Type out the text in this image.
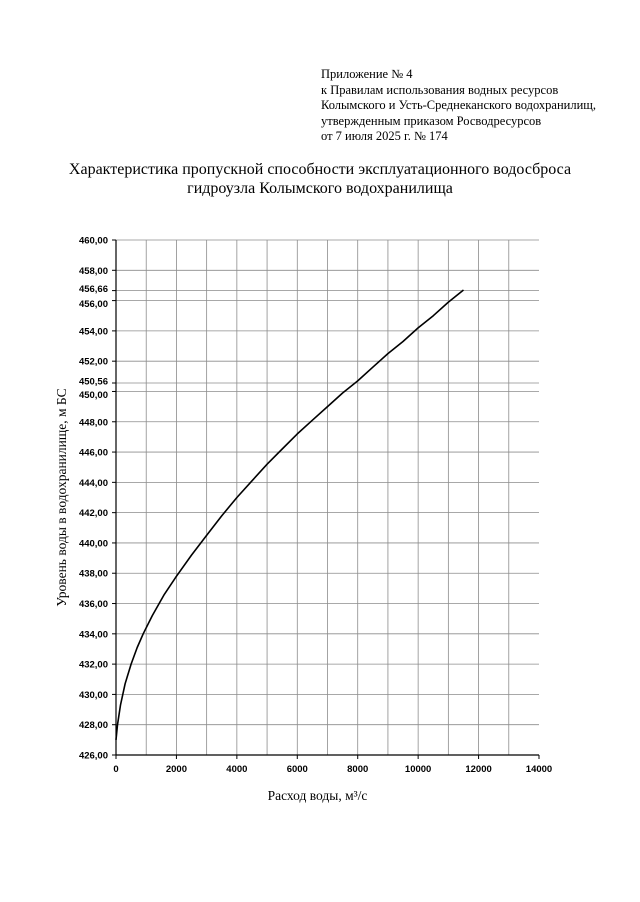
Приложение № 4
к Правилам использования водных ресурсов
Колымского и Усть-Среднеканского водохранилищ,
утвержденным приказом Росводресурсов
от 7 июля 2025 г. № 174
Характеристика пропускной способности эксплуатационного водосброса
гидроузла Колымского водохранилища
0	2000	4000	6000	8000	10000	12000	14000
426,00
428,00
430,00
432,00
434,00
436,00
438,00
440,00
442,00
444,00
446,00
448,00
450,00
450,56
452,00
454,00
456,00
456,66
458,00
460,00
Расход воды, м³/с
Уровень воды в водохранилище, м БС
